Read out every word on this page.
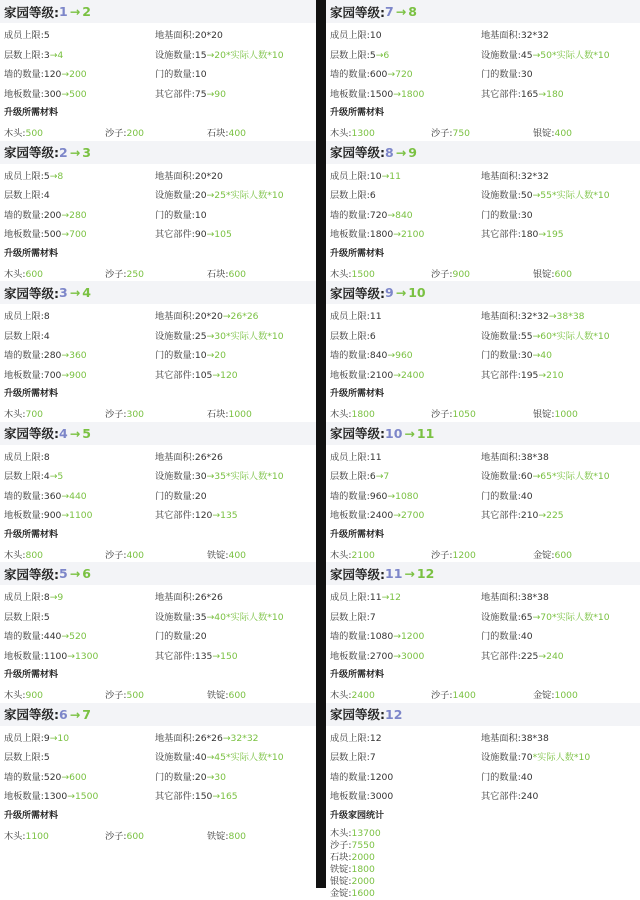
家园等级: 1 → 2
成员上限:5	地基面积:20*20
层数上限:3→4	设施数量:15→20*实际人数*10
墙的数量:120→200	门的数量:10
地板数量:300→500	其它部件:75→90
升级所需材料
木头:500	沙子:200	石块:400
家园等级: 2 → 3
成员上限:5→8	地基面积:20*20
层数上限:4	设施数量:20→25*实际人数*10
墙的数量:200→280	门的数量:10
地板数量:500→700	其它部件:90→105
升级所需材料
木头:600	沙子:250	石块:600
家园等级: 3 → 4
成员上限:8	地基面积:20*20→26*26
层数上限:4	设施数量:25→30*实际人数*10
墙的数量:280→360	门的数量:10→20
地板数量:700→900	其它部件:105→120
升级所需材料
木头:700	沙子:300	石块:1000
家园等级: 4 → 5
成员上限:8	地基面积:26*26
层数上限:4→5	设施数量:30→35*实际人数*10
墙的数量:360→440	门的数量:20
地板数量:900→1100	其它部件:120→135
升级所需材料
木头:800	沙子:400	铁锭:400
家园等级: 5 → 6
成员上限:8→9	地基面积:26*26
层数上限:5	设施数量:35→40*实际人数*10
墙的数量:440→520	门的数量:20
地板数量:1100→1300	其它部件:135→150
升级所需材料
木头:900	沙子:500	铁锭:600
家园等级: 6 → 7
成员上限:9→10	地基面积:26*26→32*32
层数上限:5	设施数量:40→45*实际人数*10
墙的数量:520→600	门的数量:20→30
地板数量:1300→1500	其它部件:150→165
升级所需材料
木头:1100	沙子:600	铁锭:800
家园等级: 7 → 8
成员上限:10	地基面积:32*32
层数上限:5→6	设施数量:45→50*实际人数*10
墙的数量:600→720	门的数量:30
地板数量:1500→1800	其它部件:165→180
升级所需材料
木头:1300	沙子:750	银锭:400
家园等级: 8 → 9
成员上限:10→11	地基面积:32*32
层数上限:6	设施数量:50→55*实际人数*10
墙的数量:720→840	门的数量:30
地板数量:1800→2100	其它部件:180→195
升级所需材料
木头:1500	沙子:900	银锭:600
家园等级: 9 → 10
成员上限:11	地基面积:32*32→38*38
层数上限:6	设施数量:55→60*实际人数*10
墙的数量:840→960	门的数量:30→40
地板数量:2100→2400	其它部件:195→210
升级所需材料
木头:1800	沙子:1050	银锭:1000
家园等级: 10 → 11
成员上限:11	地基面积:38*38
层数上限:6→7	设施数量:60→65*实际人数*10
墙的数量:960→1080	门的数量:40
地板数量:2400→2700	其它部件:210→225
升级所需材料
木头:2100	沙子:1200	金锭:600
家园等级: 11 → 12
成员上限:11→12	地基面积:38*38
层数上限:7	设施数量:65→70*实际人数*10
墙的数量:1080→1200	门的数量:40
地板数量:2700→3000	其它部件:225→240
升级所需材料
木头:2400	沙子:1400	金锭:1000
家园等级: 12
成员上限:12	地基面积:38*38
层数上限:7	设施数量:70*实际人数*10
墙的数量:1200	门的数量:40
地板数量:3000	其它部件:240
升级家园统计
木头:13700
沙子:7550
石块:2000
铁锭:1800
银锭:2000
金锭:1600
